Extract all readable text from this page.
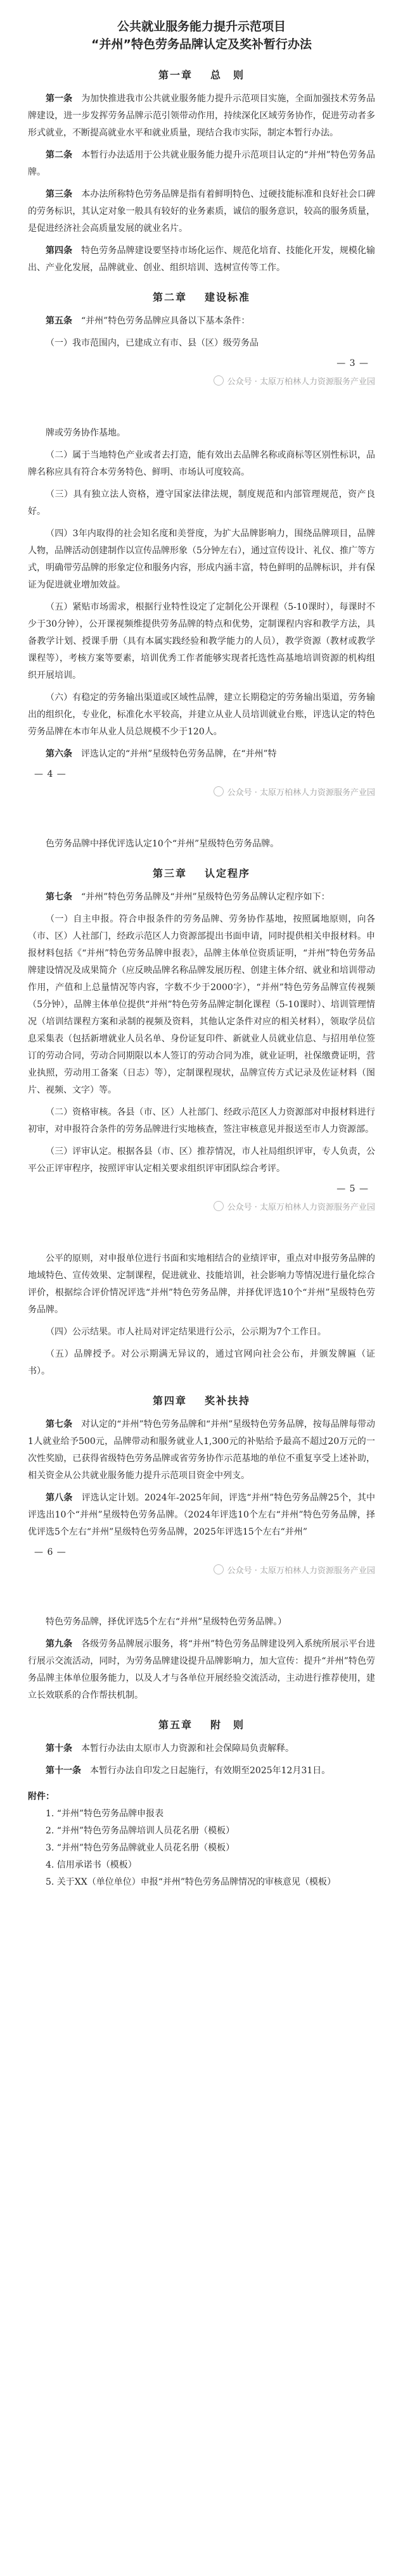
公共就业服务能力提升示范项目
“并州”特色劳务品牌认定及奖补暂行办法
第一章 总　则

第一条　 为加快推进我市公共就业服务能力提升示范项目实施，全面加强技术劳务品牌建设，进一步发挥劳务品牌示范引领带动作用，持续深化区域劳务协作，促进劳动者多形式就业，不断提高就业水平和就业质量，现结合我市实际，制定本暂行办法。

第二条　 本暂行办法适用于公共就业服务能力提升示范项目认定的“并州”特色劳务品牌。

第三条　 本办法所称特色劳务品牌是指有着鲜明特色、过硬技能标准和良好社会口碑的劳务标识，其认定对象一般具有较好的业务素质，诚信的服务意识，较高的服务质量，是促进经济社会高质量发展的就业名片。

第四条　 特色劳务品牌建设要坚持市场化运作、规范化培育、技能化开发，规模化输出、产业化发展，品牌就业、创业、组织培训、选树宣传等工作。

第二章 建设标准

第五条　 “并州”特色劳务品牌应具备以下基本条件：

（一）我市范围内，已建成立有市、县（区）级劳务品

— 3 —
公众号 · 太原万柏林人力资源服务产业园

牌或劳务协作基地。

（二）属于当地特色产业或者去打造，能有效出去品牌名称或商标等区别性标识，品牌名称应具有符合本劳务特色、鲜明、市场认可度较高。

（三）具有独立法人资格，遵守国家法律法规，制度规范和内部管理规范，资产良好。

（四）3年内取得的社会知名度和美誉度，为扩大品牌影响力，围绕品牌项目，品牌人物，品牌活动创建制作以宣传品牌形象（5分钟左右），通过宣传设计、礼仪、推广等方式，明确带劳品牌的形象定位和服务内容，形成内涵丰富，特色鲜明的品牌标识，并有保证为促进就业增加效益。

（五）紧贴市场需求，根据行业特性设定了定制化公开课程（5-10课时），每课时不少于30分钟），公开课视频维提供劳务品牌的特点和优势，定制课程内容和教学方法，具备教学计划、授课手册（具有本属实践经验和教学能力的人员），教学资源（教材或教学课程等），考核方案等要素，培训优秀工作者能够实现者托选性高基地培训资源的机构组织开展培训。

（六）有稳定的劳务输出渠道或区域性品牌，建立长期稳定的劳务输出渠道，劳务输出的组织化，专业化，标准化水平较高，并建立从业人员培训就业台账，评选认定的特色劳务品牌在本市年从业人员总规模不少于120人。

第六条　 评选认定的“并州”星级特色劳务品牌，在“并州”特

— 4 —
公众号 · 太原万柏林人力资源服务产业园

色劳务品牌中择优评选认定10个“并州”星级特色劳务品牌。

第三章 认定程序

第七条　 “并州”特色劳务品牌及“并州”星级特色劳务品牌认定程序如下：

（一）自主申报。符合申报条件的劳务品牌、劳务协作基地，按照属地原则，向各（市、区）人社部门，经政示范区人力资源部提出书面申请，同时提供相关申报材料。申报材料包括《“并州”特色劳务品牌申报表》，品牌主体单位资质证明，“并州”特色劳务品牌建设情况及成果简介（应反映品牌名称品牌发展历程、创建主体介绍、就业和培训带动作用，产值和上总量情况等内容，字数不少于2000字），“并州”特色劳务品牌宣传视频（5分钟），品牌主体单位提供“并州”特色劳务品牌定制化课程（5-10课时）、培训管理情况（培训结课程方案和录制的视频及资料，其他认定条件对应的相关材料），领取学员信息采集表（包括新增就业人员名单、身份证复印件、新就业人员就业信息、与招用单位签订的劳动合同，劳动合同期限以本人签订的劳动合同为准，就业证明，社保缴费证明，营业执照，劳动用工备案（日志）等），定制课程现状，品牌宣传方式记录及佐证材料（图片、视频、文字）等。

（二）资格审核。各县（市、区）人社部门、经政示范区人力资源部对申报材料进行初审，对申报符合条件的劳务品牌进行实地核查，签注审核意见并报送至市人力资源部。

（三）评审认定。根据各县（市、区）推荐情况，市人社局组织评审，专人负责，公平公正评审程序，按照评审认定相关要求组织评审团队综合考评。

— 5 —
公众号 · 太原万柏林人力资源服务产业园

公平的原则，对申报单位进行书面和实地相结合的业绩评审，重点对申报劳务品牌的地域特色、宣传效果、定制课程，促进就业、技能培训，社会影响力等情况进行量化综合评价，根据综合评价情况评选“并州”特色劳务品牌，并择优评选10个“并州”星级特色劳务品牌。

（四）公示结果。市人社局对评定结果进行公示，公示期为7个工作日。

（五）品牌授予。对公示期满无异议的，通过官网向社会公布，并颁发牌匾（证书）。

第四章 奖补扶持

第七条　 对认定的“并州”特色劳务品牌和“并州”星级特色劳务品牌，按每品牌每带动1人就业给予500元，品牌带动和服务就业人1,300元的补贴给予最高不超过20万元的一次性奖励，已获得省级特色劳务品牌或省劳务协作示范基地的单位不重复享受上述补助，相关资金从公共就业服务能力提升示范项目资金中列支。

第八条　 评选认定计划。2024年-2025年间，评选“并州”特色劳务品牌25个，其中评选出10个“并州”星级特色劳务品牌。（2024年评选10个左右“并州”特色劳务品牌，择优评选5个左右“并州”星级特色劳务品牌，2025年评选15个左右“并州”

— 6 —
公众号 · 太原万柏林人力资源服务产业园

特色劳务品牌，择优评选5个左右“并州”星级特色劳务品牌。）

第九条　 各级劳务品牌展示服务，将“并州”特色劳务品牌建设列入系统所展示平台进行展示交流活动，同时，为劳务品牌建设提升品牌影响力，加大宣传：提升“并州”特色劳务品牌主体单位服务能力，以及人才与各单位开展经验交流活动，主动进行推荐使用，建立长效联系的合作帮扶机制。

第五章 附　则

第十条　 本暂行办法由太原市人力资源和社会保障局负责解释。

第十一条　 本暂行办法自印发之日起施行，有效期至2025年12月31日。

附件：
1. “并州”特色劳务品牌申报表
2. “并州”特色劳务品牌培训人员花名册（模板）
3. “并州”特色劳务品牌就业人员花名册（模板）
4. 信用承诺书（模板）
5. 关于XX（单位单位）申报“并州”特色劳务品牌情况的审核意见（模板）
